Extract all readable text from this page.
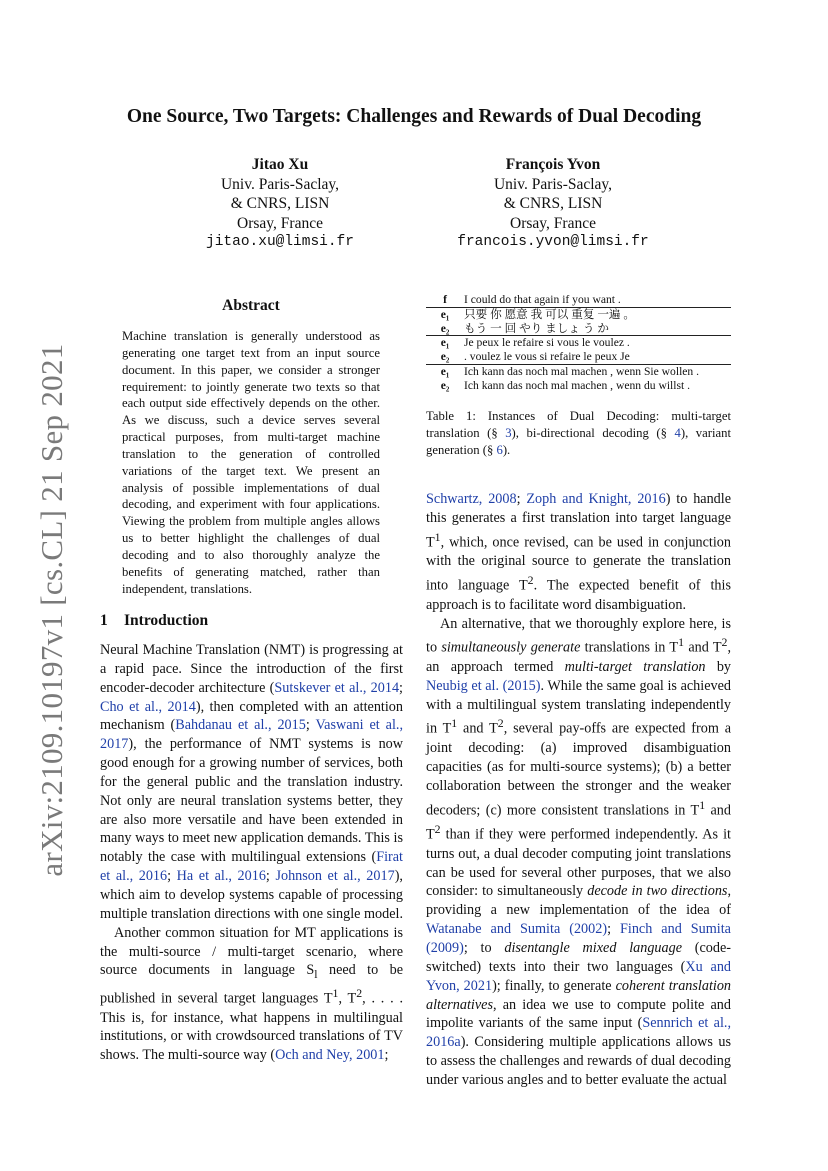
One Source, Two Targets: Challenges and Rewards of Dual Decoding
Jitao Xu
Univ. Paris-Saclay,
& CNRS, LISN
Orsay, France
jitao.xu@limsi.fr
François Yvon
Univ. Paris-Saclay,
& CNRS, LISN
Orsay, France
francois.yvon@limsi.fr
arXiv:2109.10197v1 [cs.CL] 21 Sep 2021
Abstract
Machine translation is generally understood as generating one target text from an input source document. In this paper, we consider a stronger requirement: to jointly generate two texts so that each output side effectively depends on the other. As we discuss, such a device serves several practical purposes, from multi-target machine translation to the generation of controlled variations of the target text. We present an analysis of possible implementations of dual decoding, and experiment with four applications. Viewing the problem from multiple angles allows us to better highlight the challenges of dual decoding and to also thoroughly analyze the benefits of generating matched, rather than independent, translations.
f	I could do that again if you want .
e₁	只要 你 愿意 我 可以 重复 一遍 。
e₂	もう 一 回 やり ましょ う か
e₁	Je peux le refaire si vous le voulez .
e₂	. voulez le vous si refaire le peux Je
e₁	Ich kann das noch mal machen , wenn Sie wollen .
e₂	Ich kann das noch mal machen , wenn du willst .
Table 1: Instances of Dual Decoding: multi-target translation (§ 3), bi-directional decoding (§ 4), variant generation (§ 6).
1 Introduction

Neural Machine Translation (NMT) is progressing at a rapid pace. Since the introduction of the first encoder-decoder architecture (Sutskever et al., 2014; Cho et al., 2014), then completed with an attention mechanism (Bahdanau et al., 2015; Vaswani et al., 2017), the performance of NMT systems is now good enough for a growing number of services, both for the general public and the translation industry. Not only are neural translation systems better, they are also more versatile and have been extended in many ways to meet new application demands. This is notably the case with multilingual extensions (Firat et al., 2016; Ha et al., 2016; Johnson et al., 2017), which aim to develop systems capable of processing multiple translation directions with one single model.

Another common situation for MT applications is the multi-source / multi-target scenario, where source documents in language $S_l$ need to be published in several target languages $T^1$, $T^2$, . . . . This is, for instance, what happens in multilingual institutions, or with crowdsourced translations of TV shows. The multi-source way (Och and Ney, 2001;

Schwartz, 2008; Zoph and Knight, 2016) to handle this generates a first translation into target language $T^1$, which, once revised, can be used in conjunction with the original source to generate the translation into language $T^2$. The expected benefit of this approach is to facilitate word disambiguation.

An alternative, that we thoroughly explore here, is to simultaneously generate translations in $T^1$ and $T^2$, an approach termed multi-target translation by Neubig et al. (2015). While the same goal is achieved with a multilingual system translating independently in $T^1$ and $T^2$, several pay-offs are expected from a joint decoding: (a) improved disambiguation capacities (as for multi-source systems); (b) a better collaboration between the stronger and the weaker decoders; (c) more consistent translations in $T^1$ and $T^2$ than if they were performed independently. As it turns out, a dual decoder computing joint translations can be used for several other purposes, that we also consider: to simultaneously decode in two directions, providing a new implementation of the idea of Watanabe and Sumita (2002); Finch and Sumita (2009); to disentangle mixed language (code-switched) texts into their two languages (Xu and Yvon, 2021); finally, to generate coherent translation alternatives, an idea we use to compute polite and impolite variants of the same input (Sennrich et al., 2016a). Considering multiple applications allows us to assess the challenges and rewards of dual decoding under various angles and to better evaluate the actual
